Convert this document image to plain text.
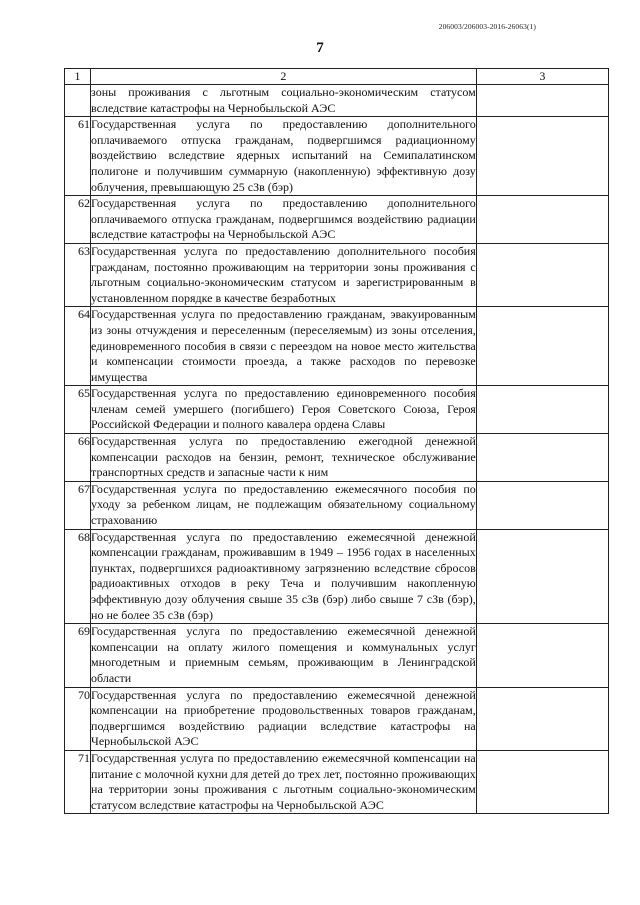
206003/206003-2016-26063(1)
7
1	2	3
	зоны проживания с льготным социально-экономическим статусом вследствие катастрофы на Чернобыльской АЭС	
61	Государственная услуга по предоставлению дополнительного оплачиваемого отпуска гражданам, подвергшимся радиационному воздействию вследствие ядерных испытаний на Семипалатинском полигоне и получившим суммарную (накопленную) эффективную дозу облучения, превышающую 25 сЗв (бэр)	
62	Государственная услуга по предоставлению дополнительного оплачиваемого отпуска гражданам, подвергшимся воздействию радиации вследствие катастрофы на Чернобыльской АЭС	
63	Государственная услуга по предоставлению дополнительного пособия гражданам, постоянно проживающим на территории зоны проживания с льготным социально-экономическим статусом и зарегистрированным в установленном порядке в качестве безработных	
64	Государственная услуга по предоставлению гражданам, эвакуированным из зоны отчуждения и переселенным (переселяемым) из зоны отселения, единовременного пособия в связи с переездом на новое место жительства и компенсации стоимости проезда, а также расходов по перевозке имущества	
65	Государственная услуга по предоставлению единовременного пособия членам семей умершего (погибшего) Героя Советского Союза, Героя Российской Федерации и полного кавалера ордена Славы	
66	Государственная услуга по предоставлению ежегодной денежной компенсации расходов на бензин, ремонт, техническое обслуживание транспортных средств и запасные части к ним	
67	Государственная услуга по предоставлению ежемесячного пособия по уходу за ребенком лицам, не подлежащим обязательному социальному страхованию	
68	Государственная услуга по предоставлению ежемесячной денежной компенсации гражданам, проживавшим в 1949 – 1956 годах в населенных пунктах, подвергшихся радиоактивному загрязнению вследствие сбросов радиоактивных отходов в реку Теча и получившим накопленную эффективную дозу облучения свыше 35 сЗв (бэр) либо свыше 7 сЗв (бэр), но не более 35 сЗв (бэр)	
69	Государственная услуга по предоставлению ежемесячной денежной компенсации на оплату жилого помещения и коммунальных услуг многодетным и приемным семьям, проживающим в Ленинградской области	
70	Государственная услуга по предоставлению ежемесячной денежной компенсации на приобретение продовольственных товаров гражданам, подвергшимся воздействию радиации вследствие катастрофы на Чернобыльской АЭС	
71	Государственная услуга по предоставлению ежемесячной компенсации на питание с молочной кухни для детей до трех лет, постоянно проживающих на территории зоны проживания с льготным социально-экономическим статусом вследствие катастрофы на Чернобыльской АЭС	
